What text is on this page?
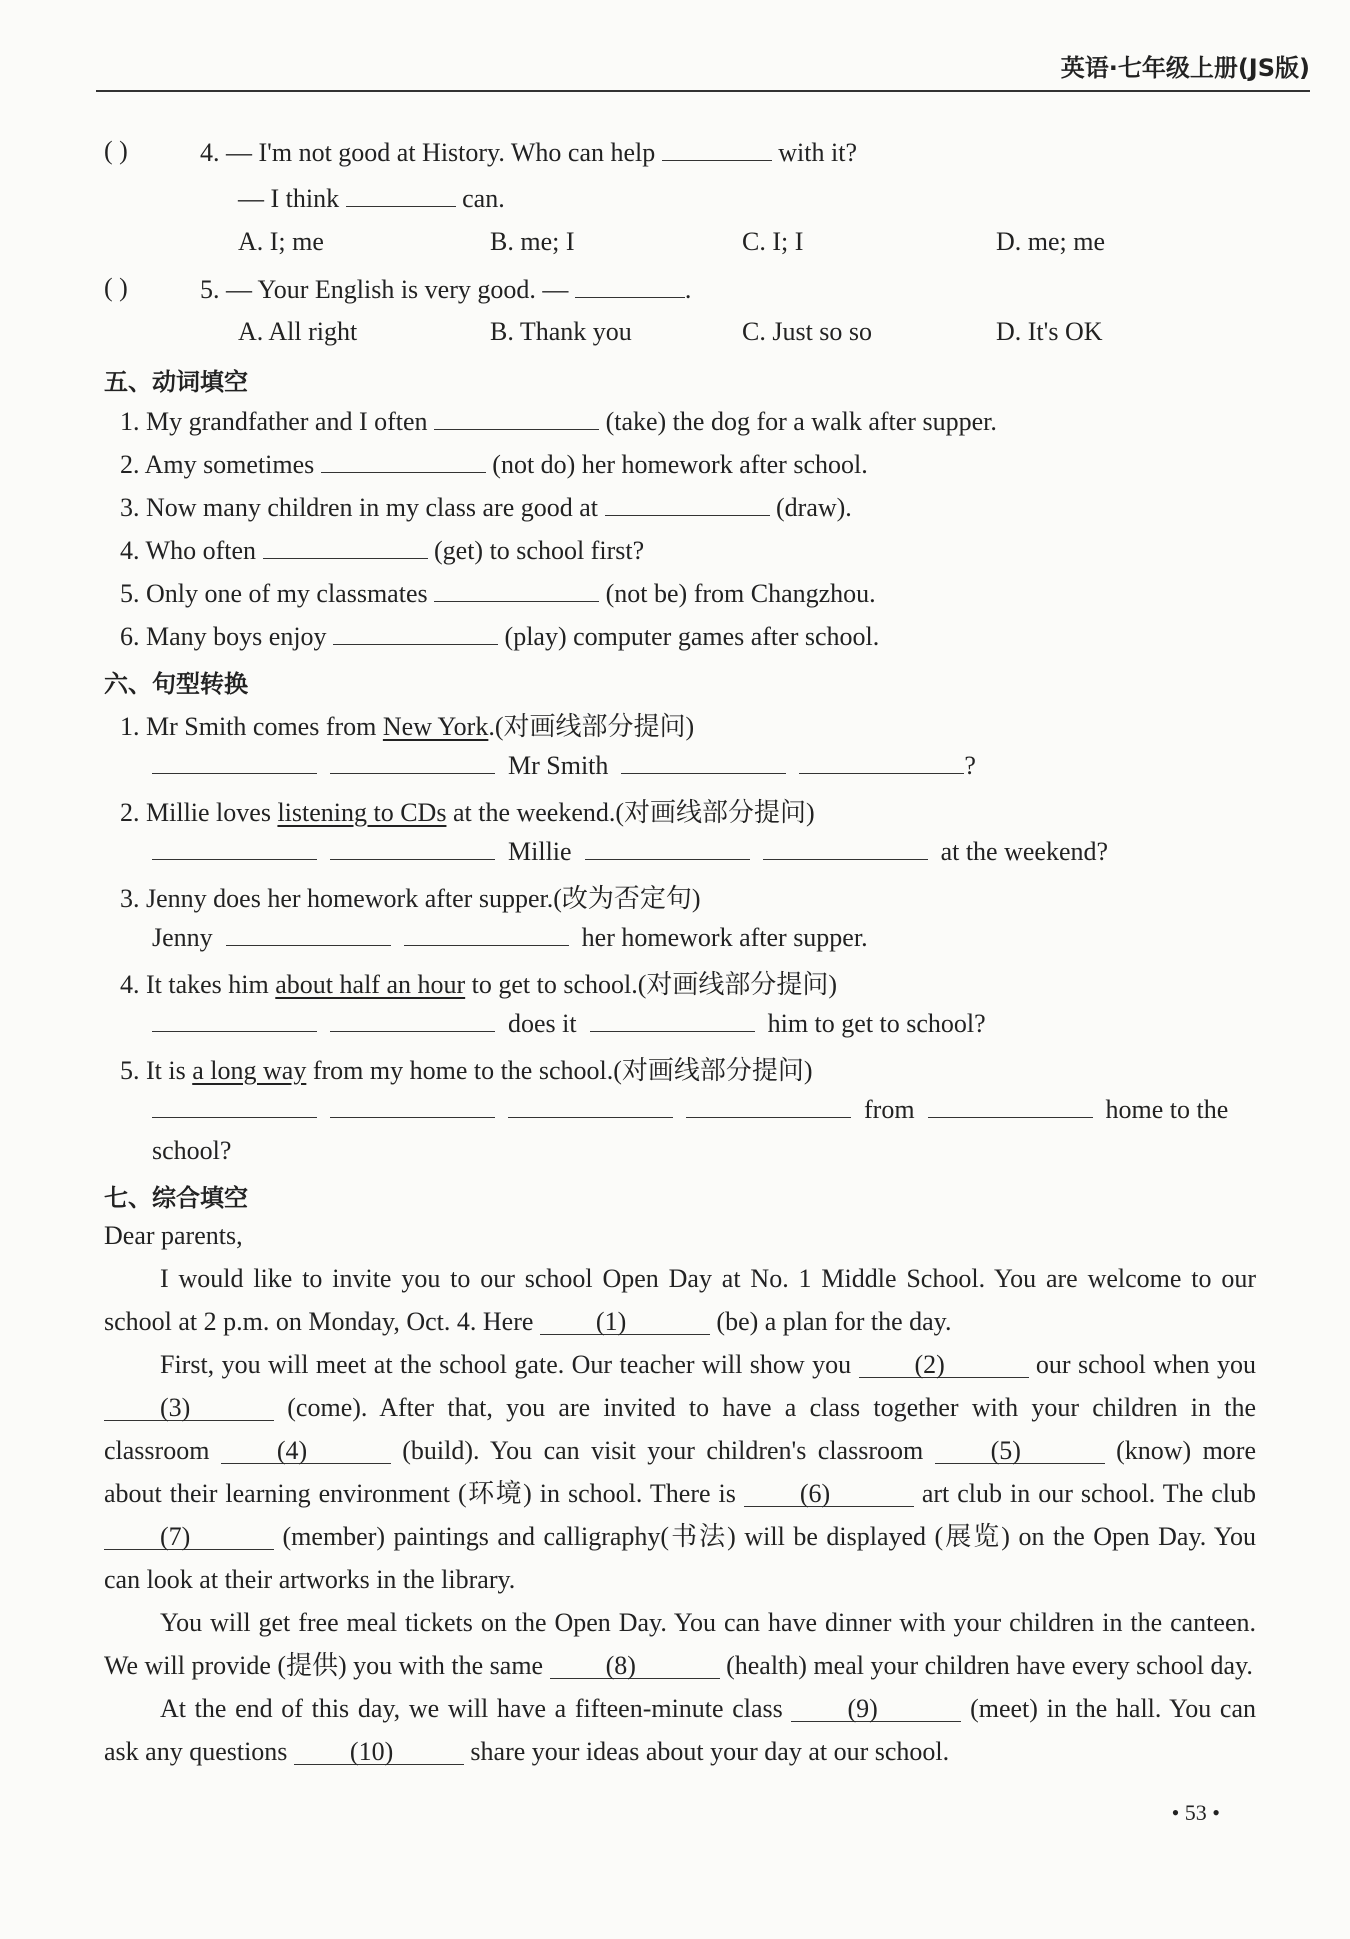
英语·七年级上册(JS版)
( )	4. — I'm not good at History. Who can help	with it?
— I think	can.
A. I; me	B. me; I	C. I; I	D. me; me
( )	5. — Your English is very good. —	.
A. All right	B. Thank you	C. Just so so	D. It's OK
五、动词填空
1. My grandfather and I often	(take) the dog for a walk after supper.
2. Amy sometimes	(not do) her homework after school.
3. Now many children in my class are good at	(draw).
4. Who often	(get) to school first?
5. Only one of my classmates	(not be) from Changzhou.
6. Many boys enjoy	(play) computer games after school.
六、句型转换
1. Mr Smith comes from New York.(对画线部分提问)
Mr Smith	?
2. Millie loves listening to CDs at the weekend.(对画线部分提问)
Millie	at the weekend?
3. Jenny does her homework after supper.(改为否定句)
Jenny	her homework after supper.
4. It takes him about half an hour to get to school.(对画线部分提问)
does it	him to get to school?
5. It is a long way from my home to the school.(对画线部分提问)
from	home to the
school?
七、综合填空

Dear parents,

I would like to invite you to our school Open Day at No. 1 Middle School. You are welcome to our school at 2 p.m. on Monday, Oct. 4. Here (1)	(be) a plan for the day.

First, you will meet at the school gate. Our teacher will show you (2)	our school when you (3)	(come). After that, you are invited to have a class together with your children in the classroom (4)	(build). You can visit your children's classroom (5)	(know) more about their learning environment (环境) in school. There is (6)	art club in our school. The club (7)	(member) paintings and calligraphy(书法) will be displayed (展览) on the Open Day. You can look at their artworks in the library.

You will get free meal tickets on the Open Day. You can have dinner with your children in the canteen. We will provide (提供) you with the same (8)	(health) meal your children have every school day.

At the end of this day, we will have a fifteen-minute class (9)	(meet) in the hall. You can ask any questions (10)	share your ideas about your day at our school.

• 53 •
